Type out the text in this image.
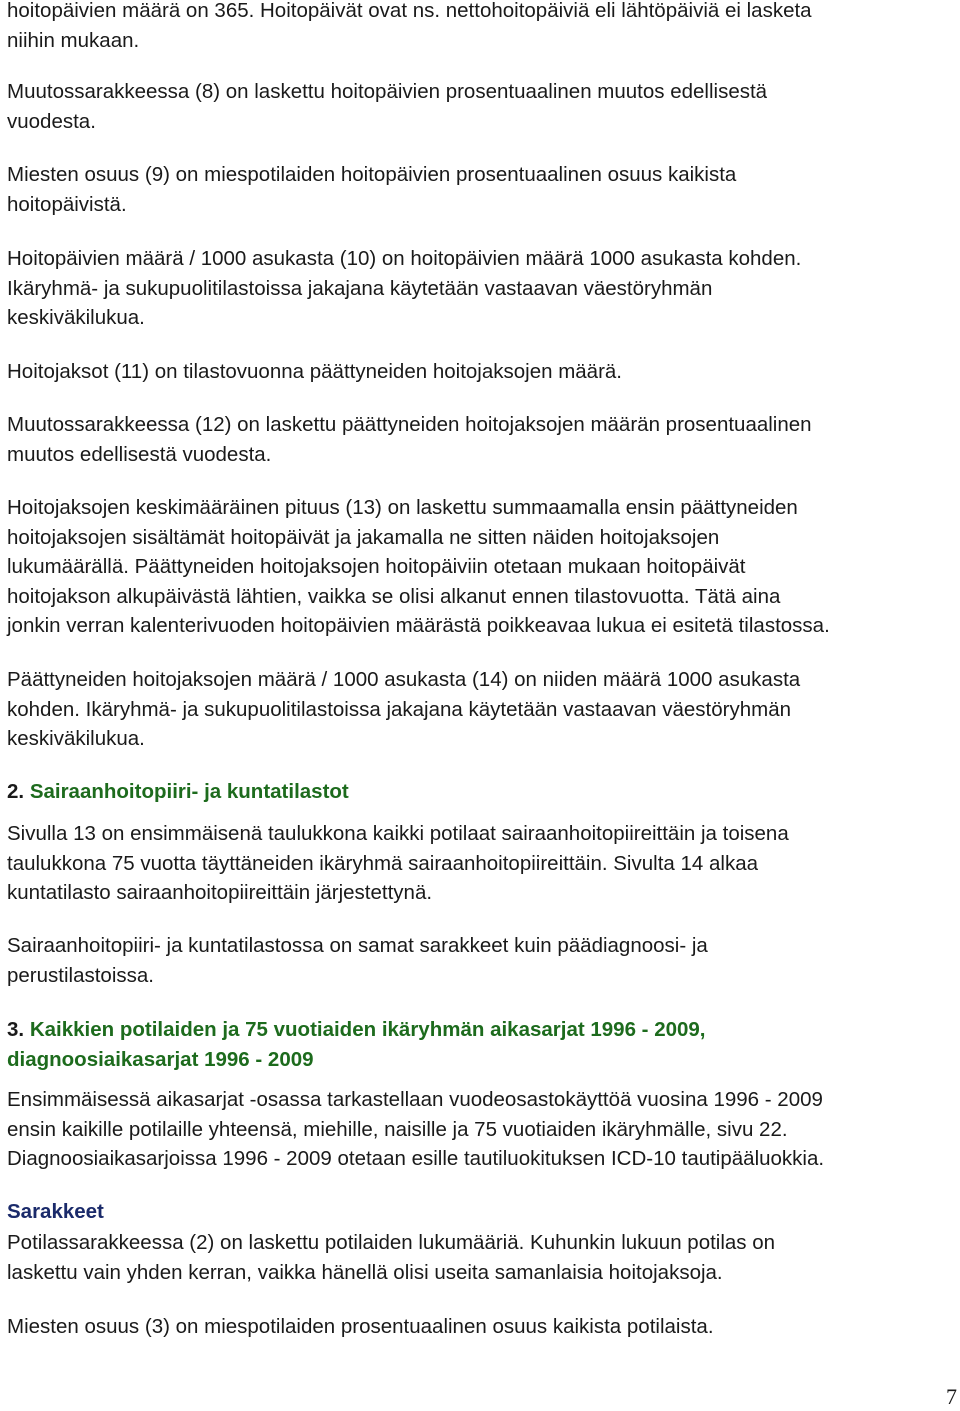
hoitopäivien määrä on 365. Hoitopäivät ovat ns. nettohoitopäiviä eli lähtöpäiviä ei lasketa
niihin mukaan.

Muutossarakkeessa (8) on laskettu hoitopäivien prosentuaalinen muutos edellisestä
vuodesta.

Miesten osuus (9) on miespotilaiden hoitopäivien prosentuaalinen osuus kaikista
hoitopäivistä.

Hoitopäivien määrä / 1000 asukasta (10) on hoitopäivien määrä 1000 asukasta kohden.
Ikäryhmä- ja sukupuolitilastoissa jakajana käytetään vastaavan väestöryhmän
keskiväkilukua.

Hoitojaksot (11) on tilastovuonna päättyneiden hoitojaksojen määrä.

Muutossarakkeessa (12) on laskettu päättyneiden hoitojaksojen määrän prosentuaalinen
muutos edellisestä vuodesta.

Hoitojaksojen keskimääräinen pituus (13) on laskettu summaamalla ensin päättyneiden
hoitojaksojen sisältämät hoitopäivät ja jakamalla ne sitten näiden hoitojaksojen
lukumäärällä. Päättyneiden hoitojaksojen hoitopäiviin otetaan mukaan hoitopäivät
hoitojakson alkupäivästä lähtien, vaikka se olisi alkanut ennen tilastovuotta. Tätä aina
jonkin verran kalenterivuoden hoitopäivien määrästä poikkeavaa lukua ei esitetä tilastossa.

Päättyneiden hoitojaksojen määrä / 1000 asukasta (14) on niiden määrä 1000 asukasta
kohden. Ikäryhmä- ja sukupuolitilastoissa jakajana käytetään vastaavan väestöryhmän
keskiväkilukua.

2. Sairaanhoitopiiri- ja kuntatilastot

Sivulla 13 on ensimmäisenä taulukkona kaikki potilaat sairaanhoitopiireittäin ja toisena
taulukkona 75 vuotta täyttäneiden ikäryhmä sairaanhoitopiireittäin. Sivulta 14 alkaa
kuntatilasto sairaanhoitopiireittäin järjestettynä.

Sairaanhoitopiiri- ja kuntatilastossa on samat sarakkeet kuin päädiagnoosi- ja
perustilastoissa.

3. Kaikkien potilaiden ja 75 vuotiaiden ikäryhmän aikasarjat 1996 - 2009,
diagnoosiaikasarjat 1996 - 2009

Ensimmäisessä aikasarjat -osassa tarkastellaan vuodeosastokäyttöä vuosina 1996 - 2009
ensin kaikille potilaille yhteensä, miehille, naisille ja 75 vuotiaiden ikäryhmälle, sivu 22.
Diagnoosiaikasarjoissa 1996 - 2009 otetaan esille tautiluokituksen ICD-10 tautipääluokkia.

Sarakkeet

Potilassarakkeessa (2) on laskettu potilaiden lukumääriä. Kuhunkin lukuun potilas on
laskettu vain yhden kerran, vaikka hänellä olisi useita samanlaisia hoitojaksoja.

Miesten osuus (3) on miespotilaiden prosentuaalinen osuus kaikista potilaista.

7
